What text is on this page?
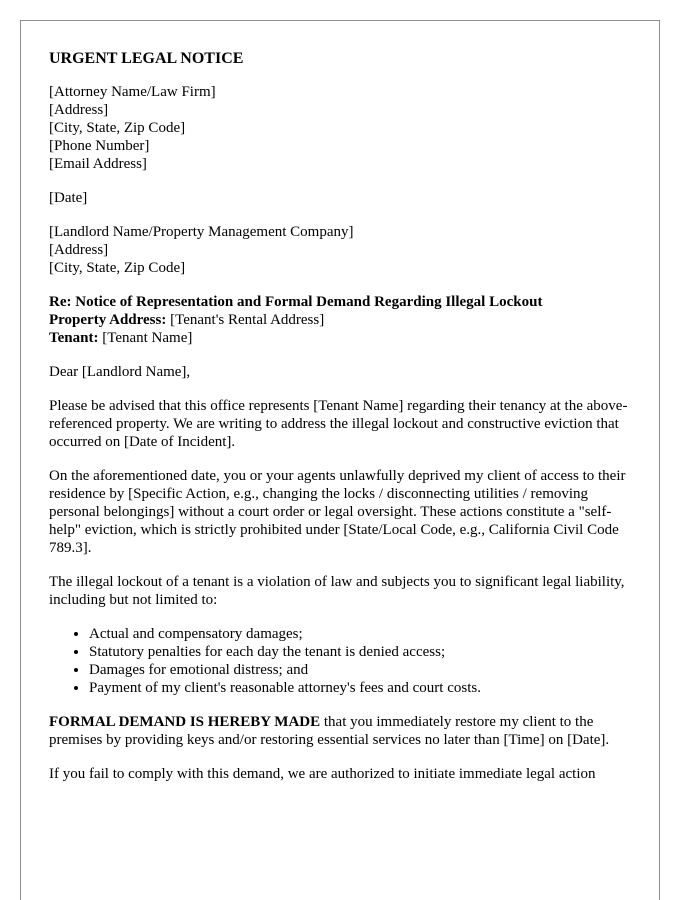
URGENT LEGAL NOTICE
[Attorney Name/Law Firm]
[Address]
[City, State, Zip Code]
[Phone Number]
[Email Address]
[Date]
[Landlord Name/Property Management Company]
[Address]
[City, State, Zip Code]
Re: Notice of Representation and Formal Demand Regarding Illegal Lockout
Property Address: [Tenant's Rental Address]
Tenant: [Tenant Name]

Dear [Landlord Name],

Please be advised that this office represents [Tenant Name] regarding their tenancy at the above-referenced property. We are writing to address the illegal lockout and constructive eviction that occurred on [Date of Incident].

On the aforementioned date, you or your agents unlawfully deprived my client of access to their residence by [Specific Action, e.g., changing the locks / disconnecting utilities / removing personal belongings] without a court order or legal oversight. These actions constitute a "self-help" eviction, which is strictly prohibited under [State/Local Code, e.g., California Civil Code 789.3].

The illegal lockout of a tenant is a violation of law and subjects you to significant legal liability, including but not limited to:

• Actual and compensatory damages;
• Statutory penalties for each day the tenant is denied access;
• Damages for emotional distress; and
• Payment of my client's reasonable attorney's fees and court costs.

FORMAL DEMAND IS HEREBY MADE that you immediately restore my client to the premises by providing keys and/or restoring essential services no later than [Time] on [Date].

If you fail to comply with this demand, we are authorized to initiate immediate legal action
